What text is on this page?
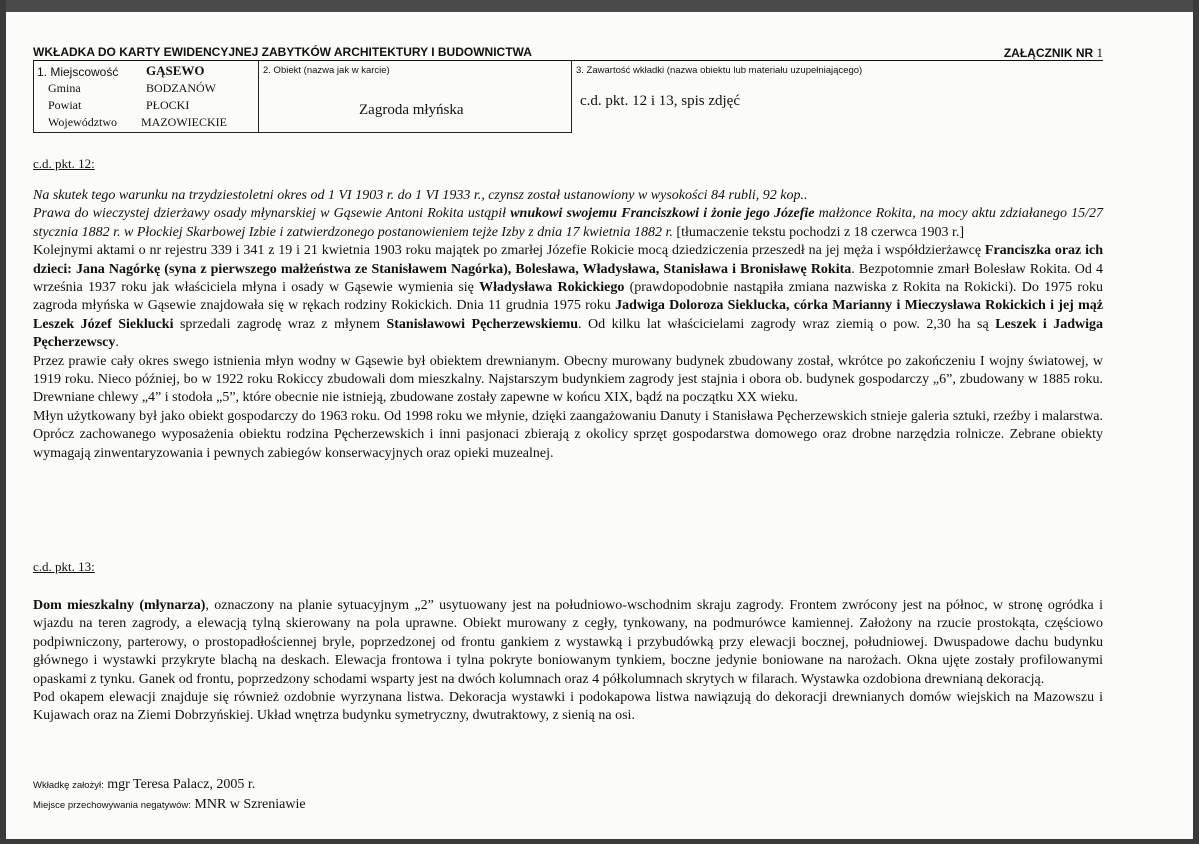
WKŁADKA DO KARTY EWIDENCYJNEJ ZABYTKÓW ARCHITEKTURY I BUDOWNICTWA	ZAŁĄCZNIK NR 1
1. Miejscowość GĄSEWO
Gmina	BODZANÓW
Powiat	PŁOCKI
Województwo MAZOWIECKIE
2. Obiekt (nazwa jak w karcie)
Zagroda młyńska
3. Zawartość wkładki (nazwa obiektu lub materiału uzupełniającego)
c.d. pkt. 12 i 13, spis zdjęć
c.d. pkt. 12:

Na skutek tego warunku na trzydziestoletni okres od 1 VI 1903 r. do 1 VI 1933 r., czynsz został ustanowiony w wysokości 84 rubli, 92 kop..

Prawa do wieczystej dzierżawy osady młynarskiej w Gąsewie Antoni Rokita ustąpił wnukowi swojemu Franciszkowi i żonie jego Józefie małżonce Rokita, na mocy aktu zdziałanego 15/27 stycznia 1882 r. w Płockiej Skarbowej Izbie i zatwierdzonego postanowieniem tejże Izby z dnia 17 kwietnia 1882 r. [tłumaczenie tekstu pochodzi z 18 czerwca 1903 r.]

Kolejnymi aktami o nr rejestru 339 i 341 z 19 i 21 kwietnia 1903 roku majątek po zmarłej Józefie Rokicie mocą dziedziczenia przeszedł na jej męża i współdzierżawcę Franciszka oraz ich dzieci: Jana Nagórkę (syna z pierwszego małżeństwa ze Stanisławem Nagórka), Bolesława, Władysława, Stanisława i Bronisławę Rokita. Bezpotomnie zmarł Bolesław Rokita. Od 4 września 1937 roku jak właściciela młyna i osady w Gąsewie wymienia się Władysława Rokickiego (prawdopodobnie nastąpiła zmiana nazwiska z Rokita na Rokicki). Do 1975 roku zagroda młyńska w Gąsewie znajdowała się w rękach rodziny Rokickich. Dnia 11 grudnia 1975 roku Jadwiga Doloroza Sieklucka, córka Marianny i Mieczysława Rokickich i jej mąż Leszek Józef Sieklucki sprzedali zagrodę wraz z młynem Stanisławowi Pęcherzewskiemu. Od kilku lat właścicielami zagrody wraz ziemią o pow. 2,30 ha są Leszek i Jadwiga Pęcherzewscy.

Przez prawie cały okres swego istnienia młyn wodny w Gąsewie był obiektem drewnianym. Obecny murowany budynek zbudowany został, wkrótce po zakończeniu I wojny światowej, w 1919 roku. Nieco później, bo w 1922 roku Rokiccy zbudowali dom mieszkalny. Najstarszym budynkiem zagrody jest stajnia i obora ob. budynek gospodarczy „6”, zbudowany w 1885 roku. Drewniane chlewy „4” i stodoła „5”, które obecnie nie istnieją, zbudowane zostały zapewne w końcu XIX, bądź na początku XX wieku.

Młyn użytkowany był jako obiekt gospodarczy do 1963 roku. Od 1998 roku we młynie, dzięki zaangażowaniu Danuty i Stanisława Pęcherzewskich stnieje galeria sztuki, rzeźby i malarstwa. Oprócz zachowanego wyposażenia obiektu rodzina Pęcherzewskich i inni pasjonaci zbierają z okolicy sprzęt gospodarstwa domowego oraz drobne narzędzia rolnicze. Zebrane obiekty wymagają zinwentaryzowania i pewnych zabiegów konserwacyjnych oraz opieki muzealnej.

c.d. pkt. 13:

Dom mieszkalny (młynarza), oznaczony na planie sytuacyjnym „2” usytuowany jest na południowo-wschodnim skraju zagrody. Frontem zwrócony jest na północ, w stronę ogródka i wjazdu na teren zagrody, a elewacją tylną skierowany na pola uprawne. Obiekt murowany z cegły, tynkowany, na podmurówce kamiennej. Założony na rzucie prostokąta, częściowo podpiwniczony, parterowy, o prostopadłościennej bryle, poprzedzonej od frontu gankiem z wystawką i przybudówką przy elewacji bocznej, południowej. Dwuspadowe dachu budynku głównego i wystawki przykryte blachą na deskach. Elewacja frontowa i tylna pokryte boniowanym tynkiem, boczne jedynie boniowane na narożach. Okna ujęte zostały profilowanymi opaskami z tynku. Ganek od frontu, poprzedzony schodami wsparty jest na dwóch kolumnach oraz 4 półkolumnach skrytych w filarach. Wystawka ozdobiona drewnianą dekoracją.

Pod okapem elewacji znajduje się również ozdobnie wyrzynana listwa. Dekoracja wystawki i podokapowa listwa nawiązują do dekoracji drewnianych domów wiejskich na Mazowszu i Kujawach oraz na Ziemi Dobrzyńskiej. Układ wnętrza budynku symetryczny, dwutraktowy, z sienią na osi.

Wkładkę założył: mgr Teresa Palacz, 2005 r.
Miejsce przechowywania negatywów: MNR w Szreniawie
